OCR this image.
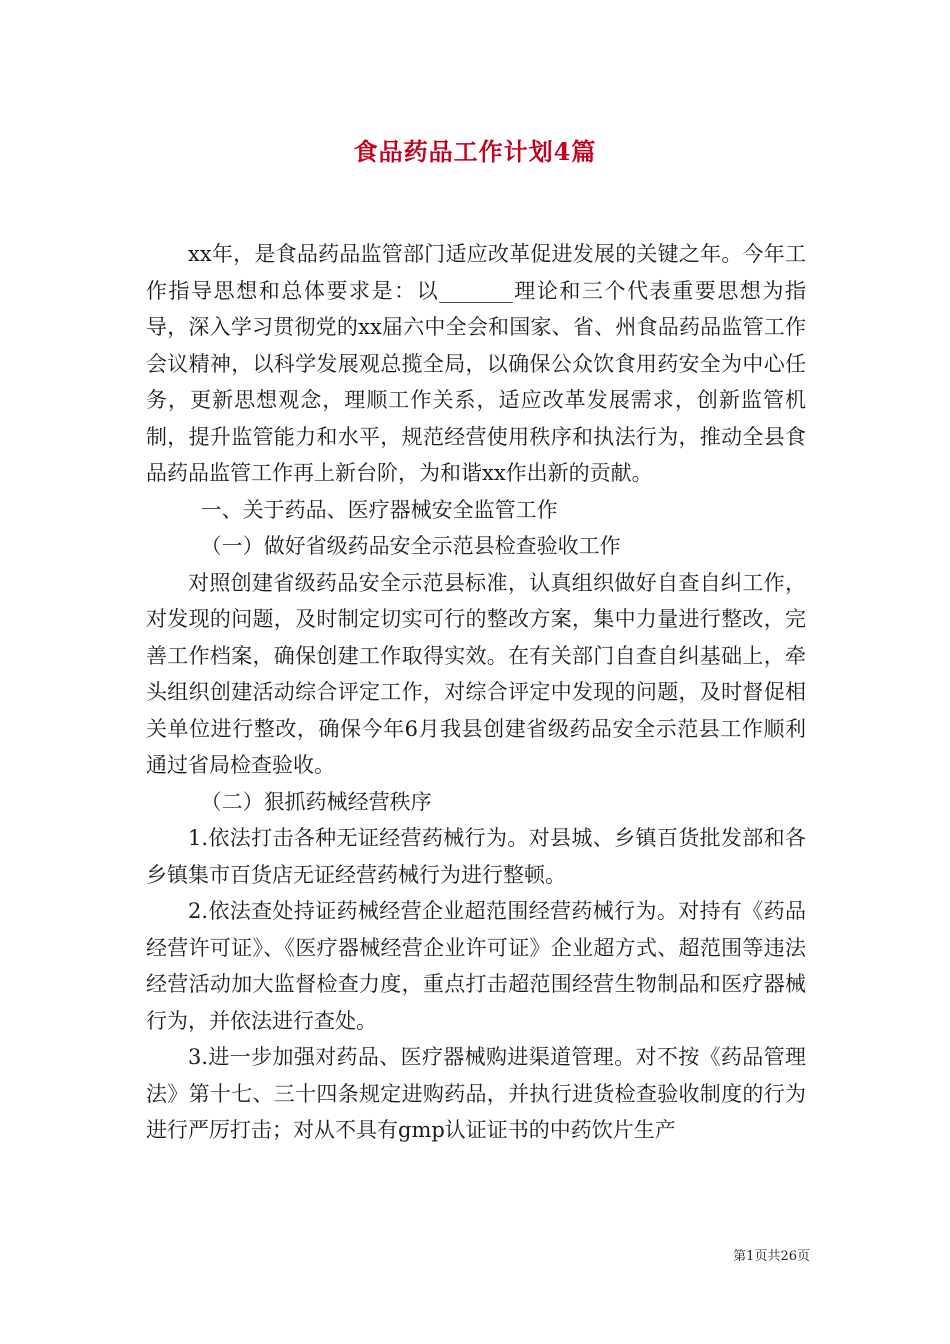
食品药品工作计划4篇

xx年，是食品药品监管部门适应改革促进发展的关键之年。今年工作指导思想和总体要求是：以_______理论和三个代表重要思想为指导，深入学习贯彻党的xx届六中全会和国家、省、州食品药品监管工作会议精神，以科学发展观总揽全局，以确保公众饮食用药安全为中心任务，更新思想观念，理顺工作关系，适应改革发展需求，创新监管机制，提升监管能力和水平，规范经营使用秩序和执法行为，推动全县食品药品监管工作再上新台阶，为和谐xx作出新的贡献。

一、关于药品、医疗器械安全监管工作

（一）做好省级药品安全示范县检查验收工作

对照创建省级药品安全示范县标准，认真组织做好自查自纠工作，对发现的问题，及时制定切实可行的整改方案，集中力量进行整改，完善工作档案，确保创建工作取得实效。在有关部门自查自纠基础上，牵头组织创建活动综合评定工作，对综合评定中发现的问题，及时督促相关单位进行整改，确保今年6月我县创建省级药品安全示范县工作顺利通过省局检查验收。

（二）狠抓药械经营秩序

1.依法打击各种无证经营药械行为。对县城、乡镇百货批发部和各乡镇集市百货店无证经营药械行为进行整顿。

2.依法查处持证药械经营企业超范围经营药械行为。对持有《药品经营许可证》、《医疗器械经营企业许可证》企业超方式、超范围等违法经营活动加大监督检查力度，重点打击超范围经营生物制品和医疗器械行为，并依法进行查处。

3.进一步加强对药品、医疗器械购进渠道管理。对不按《药品管理法》第十七、三十四条规定进购药品，并执行进货检查验收制度的行为进行严厉打击；对从不具有gmp认证证书的中药饮片生产

第1页共26页
